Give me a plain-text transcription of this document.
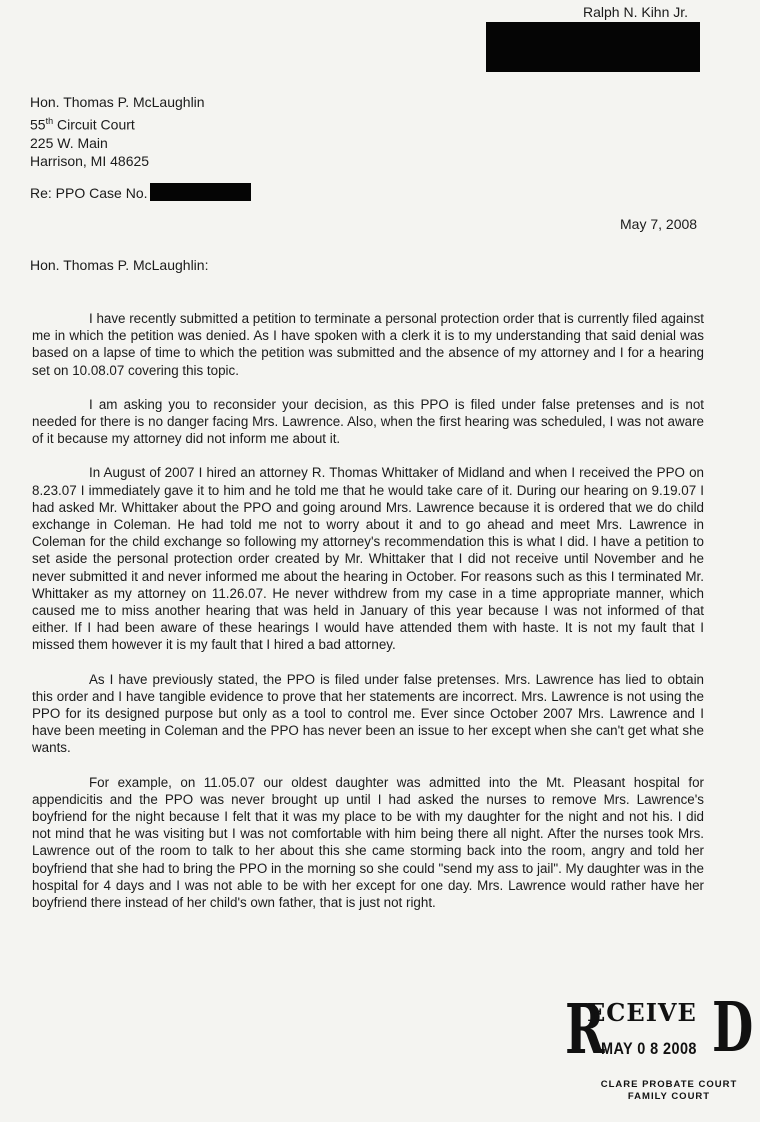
Ralph N. Kihn Jr.
Hon. Thomas P. McLaughlin
55th Circuit Court
225 W. Main
Harrison, MI 48625
Re: PPO Case No.
May 7, 2008
Hon. Thomas P. McLaughlin:

I have recently submitted a petition to terminate a personal protection order that is currently filed against me in which the petition was denied. As I have spoken with a clerk it is to my understanding that said denial was based on a lapse of time to which the petition was submitted and the absence of my attorney and I for a hearing set on 10.08.07 covering this topic.

I am asking you to reconsider your decision, as this PPO is filed under false pretenses and is not needed for there is no danger facing Mrs. Lawrence. Also, when the first hearing was scheduled, I was not aware of it because my attorney did not inform me about it.

In August of 2007 I hired an attorney R. Thomas Whittaker of Midland and when I received the PPO on 8.23.07 I immediately gave it to him and he told me that he would take care of it. During our hearing on 9.19.07 I had asked Mr. Whittaker about the PPO and going around Mrs. Lawrence because it is ordered that we do child exchange in Coleman. He had told me not to worry about it and to go ahead and meet Mrs. Lawrence in Coleman for the child exchange so following my attorney's recommendation this is what I did. I have a petition to set aside the personal protection order created by Mr. Whittaker that I did not receive until November and he never submitted it and never informed me about the hearing in October. For reasons such as this I terminated Mr. Whittaker as my attorney on 11.26.07. He never withdrew from my case in a time appropriate manner, which caused me to miss another hearing that was held in January of this year because I was not informed of that either. If I had been aware of these hearings I would have attended them with haste. It is not my fault that I missed them however it is my fault that I hired a bad attorney.

As I have previously stated, the PPO is filed under false pretenses. Mrs. Lawrence has lied to obtain this order and I have tangible evidence to prove that her statements are incorrect. Mrs. Lawrence is not using the PPO for its designed purpose but only as a tool to control me. Ever since October 2007 Mrs. Lawrence and I have been meeting in Coleman and the PPO has never been an issue to her except when she can't get what she wants.

For example, on 11.05.07 our oldest daughter was admitted into the Mt. Pleasant hospital for appendicitis and the PPO was never brought up until I had asked the nurses to remove Mrs. Lawrence's boyfriend for the night because I felt that it was my place to be with my daughter for the night and not his. I did not mind that he was visiting but I was not comfortable with him being there all night. After the nurses took Mrs. Lawrence out of the room to talk to her about this she came storming back into the room, angry and told her boyfriend that she had to bring the PPO in the morning so she could "send my ass to jail". My daughter was in the hospital for 4 days and I was not able to be with her except for one day. Mrs. Lawrence would rather have her boyfriend there instead of her child's own father, that is just not right.

R
ECEIVE D
MAY 0 8 2008
CLARE PROBATE COURT
FAMILY COURT
